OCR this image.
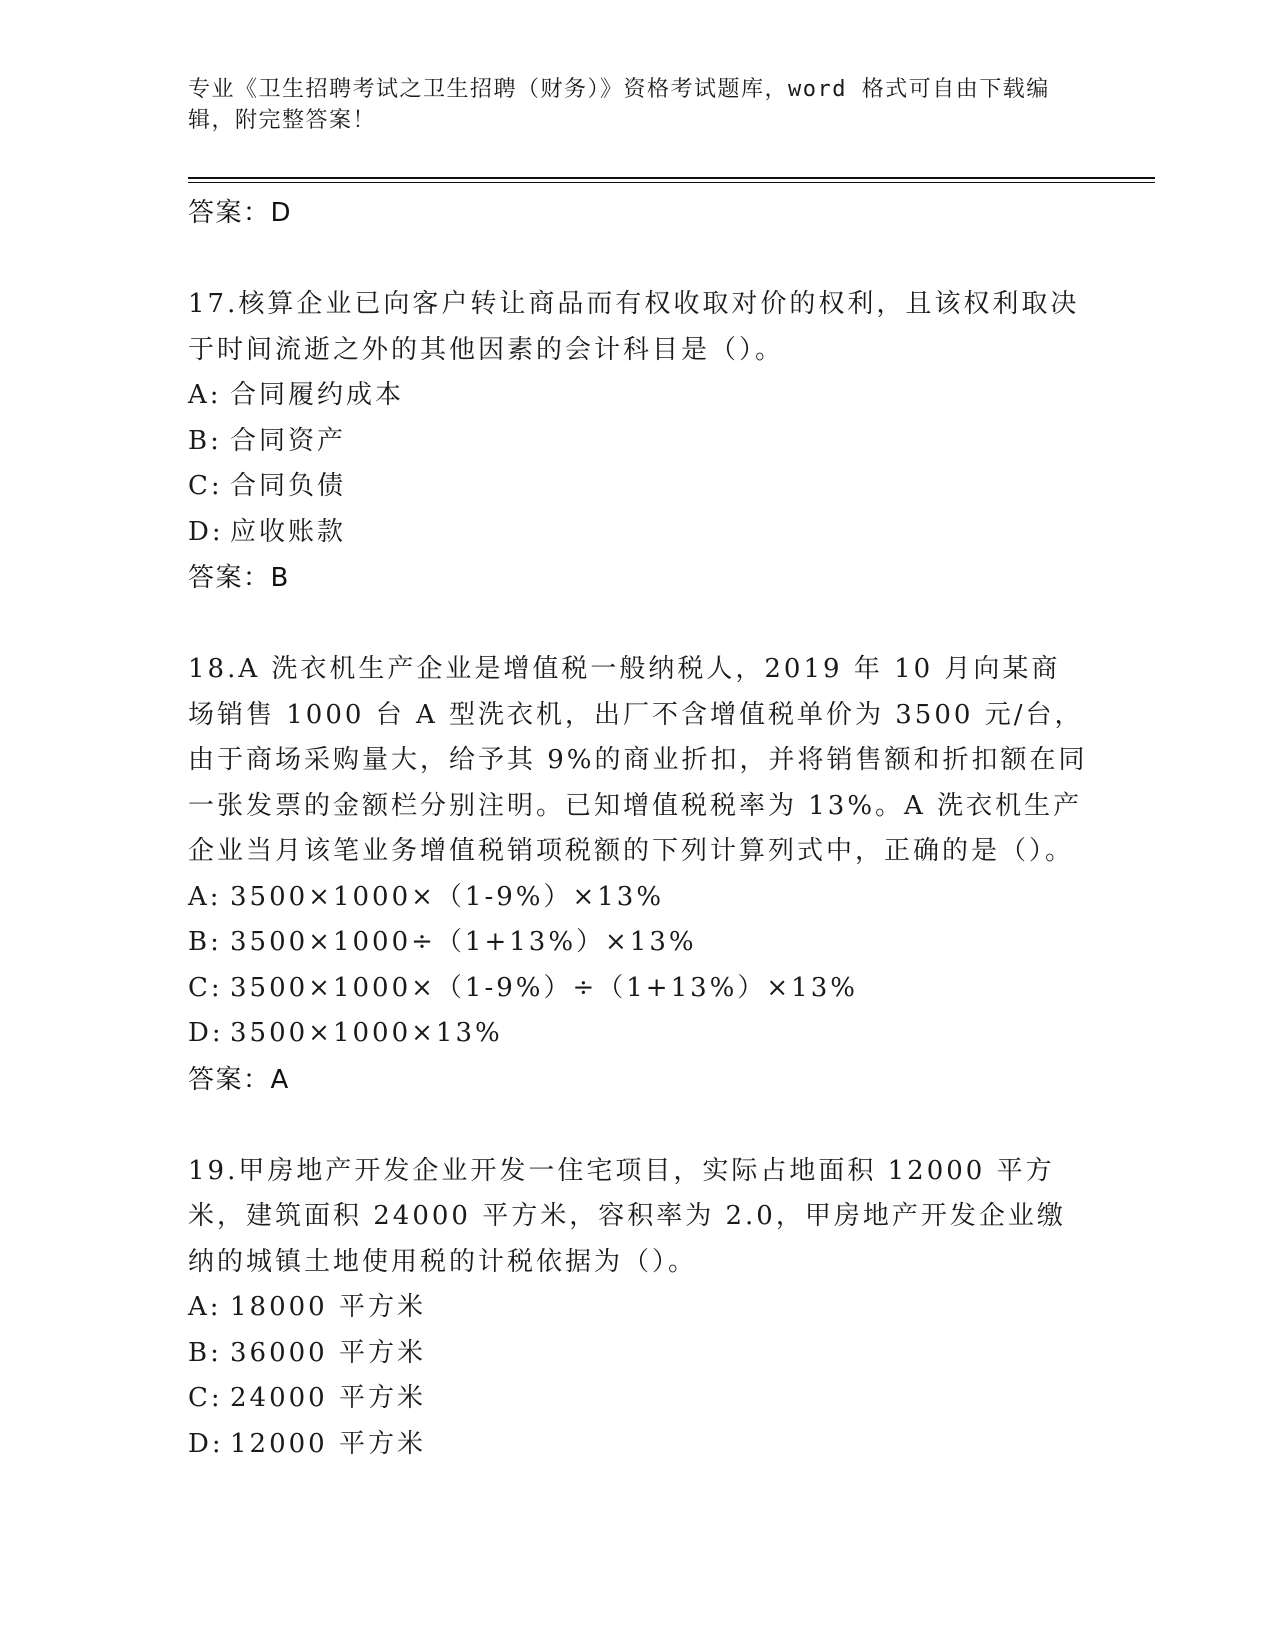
专业《卫生招聘考试之卫生招聘（财务）》资格考试题库，word 格式可自由下载编辑，附完整答案！
答案：D
17.核算企业已向客户转让商品而有权收取对价的权利，且该权利取决于时间流逝之外的其他因素的会计科目是（）。
A: 合同履约成本
B: 合同资产
C: 合同负债
D: 应收账款
答案：B
18.A 洗衣机生产企业是增值税一般纳税人，2019 年 10 月向某商场销售 1000 台 A 型洗衣机，出厂不含增值税单价为 3500 元/台，由于商场采购量大，给予其 9%的商业折扣，并将销售额和折扣额在同一张发票的金额栏分别注明。已知增值税税率为 13%。A 洗衣机生产企业当月该笔业务增值税销项税额的下列计算列式中，正确的是（）。
A: 3500×1000×（1-9%）×13%
B: 3500×1000÷（1+13%）×13%
C: 3500×1000×（1-9%）÷（1+13%）×13%
D: 3500×1000×13%
答案：A
19.甲房地产开发企业开发一住宅项目，实际占地面积 12000 平方米，建筑面积 24000 平方米，容积率为 2.0，甲房地产开发企业缴纳的城镇土地使用税的计税依据为（）。
A: 18000 平方米
B: 36000 平方米
C: 24000 平方米
D: 12000 平方米
